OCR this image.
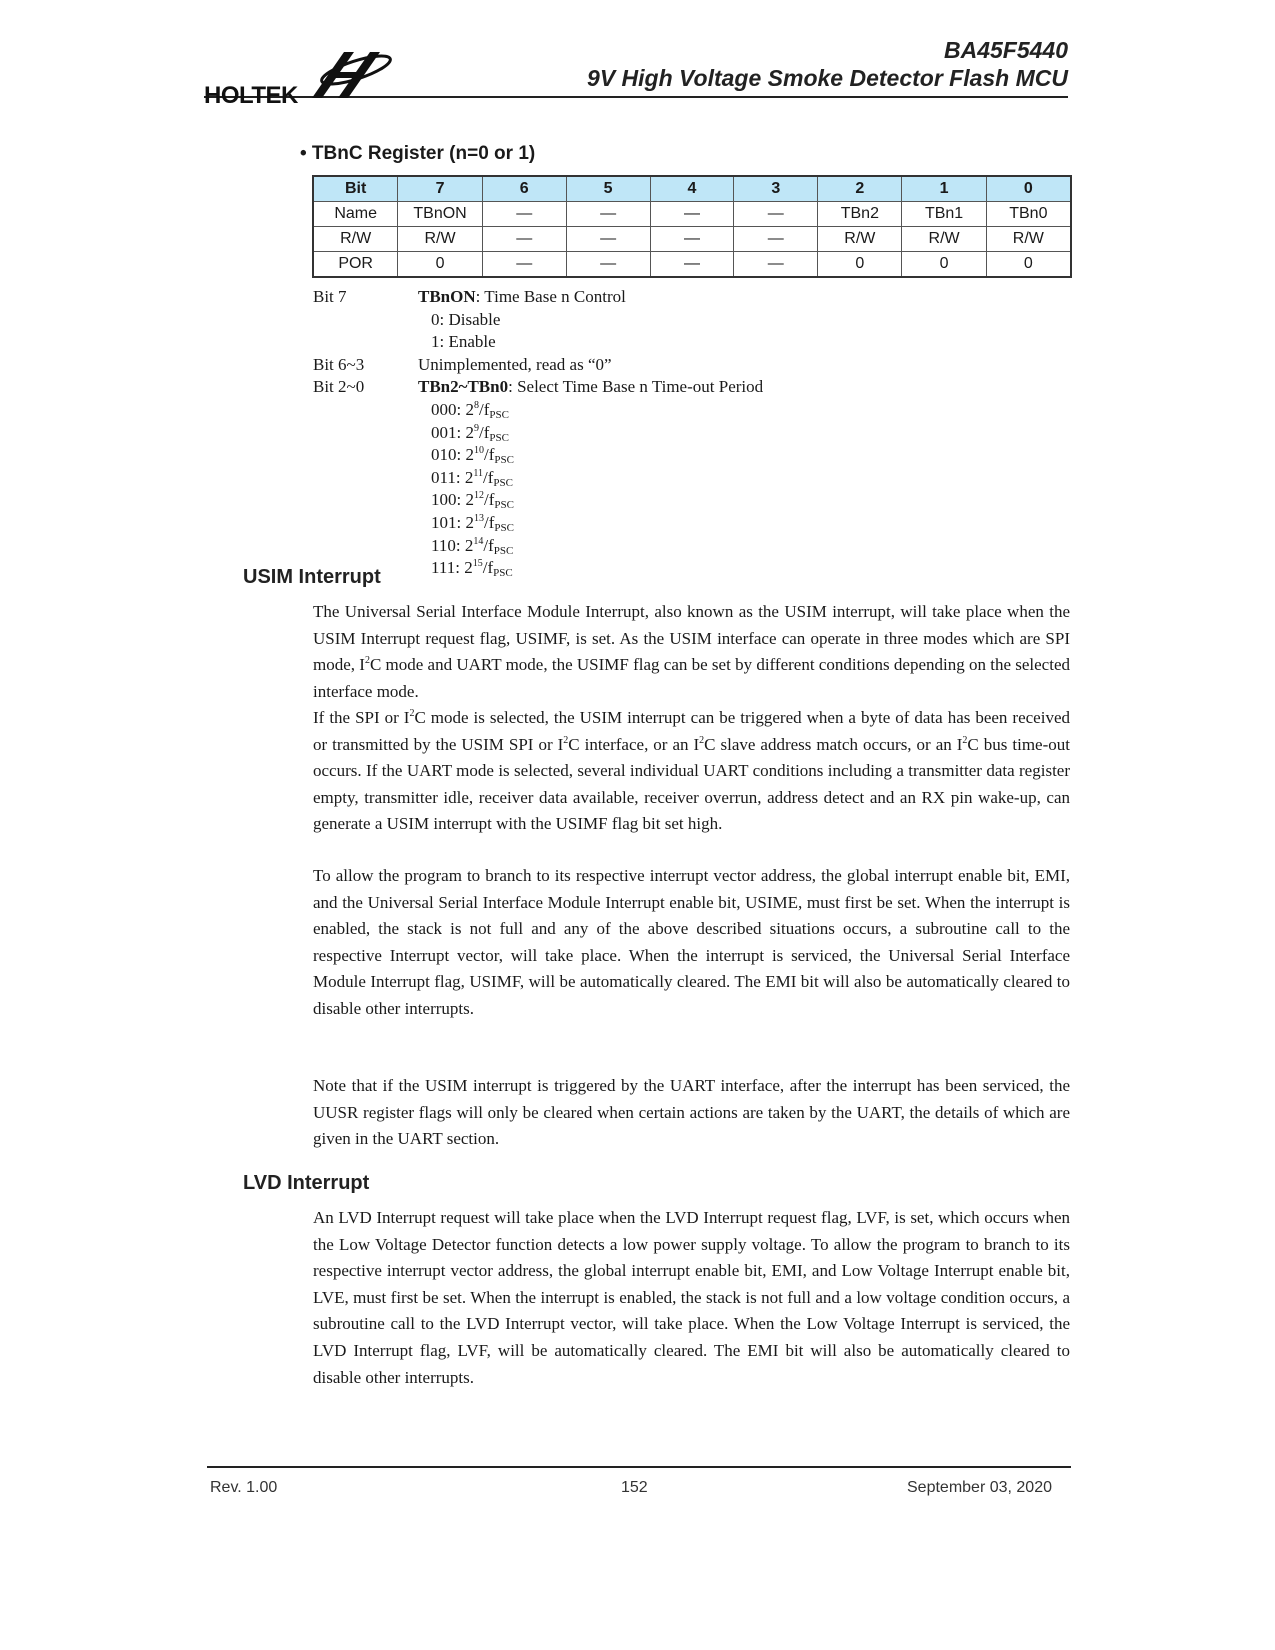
HOLTEK
BA45F5440
9V High Voltage Smoke Detector Flash MCU
• TBnC Register (n=0 or 1)
Bit	7	6	5	4	3	2	1	0
Name	TBnON	—	—	—	—	TBn2	TBn1	TBn0
R/W	R/W	—	—	—	—	R/W	R/W	R/W
POR	0	—	—	—	—	0	0	0
Bit 7	TBnON: Time Base n Control
0: Disable
1: Enable
Bit 6~3	Unimplemented, read as “0”
Bit 2~0	TBn2~TBn0: Select Time Base n Time-out Period
000: $2^8/f_{PSC}$
001: $2^9/f_{PSC}$
010: $2^{10}/f_{PSC}$
011: $2^{11}/f_{PSC}$
100: $2^{12}/f_{PSC}$
101: $2^{13}/f_{PSC}$
110: $2^{14}/f_{PSC}$
111: $2^{15}/f_{PSC}$
USIM Interrupt

The Universal Serial Interface Module Interrupt, also known as the USIM interrupt, will take place when the USIM Interrupt request flag, USIMF, is set. As the USIM interface can operate in three modes which are SPI mode, $I^2C$ mode and UART mode, the USIMF flag can be set by different conditions depending on the selected interface mode.

If the SPI or $I^2C$ mode is selected, the USIM interrupt can be triggered when a byte of data has been received or transmitted by the USIM SPI or $I^2C$ interface, or an $I^2C$ slave address match occurs, or an $I^2C$ bus time-out occurs. If the UART mode is selected, several individual UART conditions including a transmitter data register empty, transmitter idle, receiver data available, receiver overrun, address detect and an RX pin wake-up, can generate a USIM interrupt with the USIMF flag bit set high.

To allow the program to branch to its respective interrupt vector address, the global interrupt enable bit, EMI, and the Universal Serial Interface Module Interrupt enable bit, USIME, must first be set. When the interrupt is enabled, the stack is not full and any of the above described situations occurs, a subroutine call to the respective Interrupt vector, will take place. When the interrupt is serviced, the Universal Serial Interface Module Interrupt flag, USIMF, will be automatically cleared. The EMI bit will also be automatically cleared to disable other interrupts.

Note that if the USIM interrupt is triggered by the UART interface, after the interrupt has been serviced, the UUSR register flags will only be cleared when certain actions are taken by the UART, the details of which are given in the UART section.

LVD Interrupt

An LVD Interrupt request will take place when the LVD Interrupt request flag, LVF, is set, which occurs when the Low Voltage Detector function detects a low power supply voltage. To allow the program to branch to its respective interrupt vector address, the global interrupt enable bit, EMI, and Low Voltage Interrupt enable bit, LVE, must first be set. When the interrupt is enabled, the stack is not full and a low voltage condition occurs, a subroutine call to the LVD Interrupt vector, will take place. When the Low Voltage Interrupt is serviced, the LVD Interrupt flag, LVF, will be automatically cleared. The EMI bit will also be automatically cleared to disable other interrupts.

Rev. 1.00	152	September 03, 2020
